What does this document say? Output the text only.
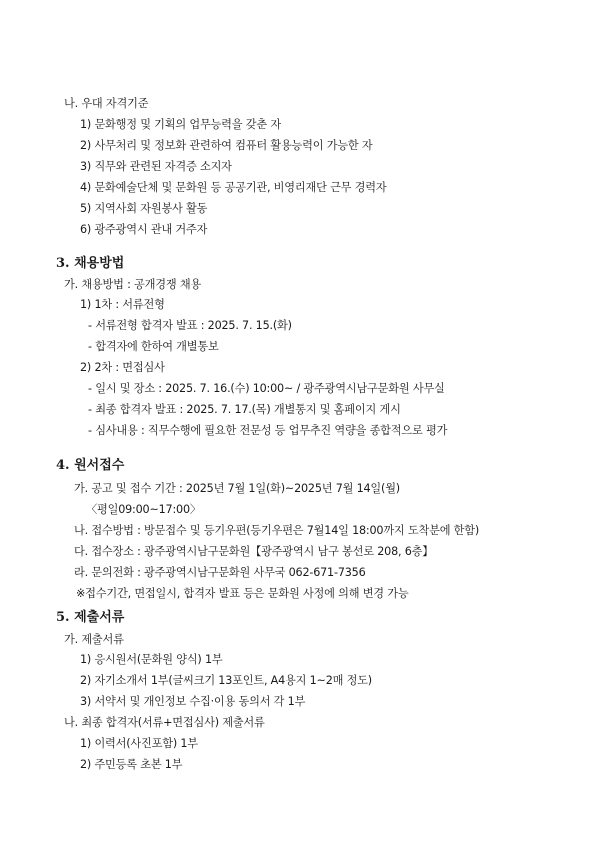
나. 우대 자격기준
1) 문화행정 및 기획의 업무능력을 갖춘 자
2) 사무처리 및 정보화 관련하여 컴퓨터 활용능력이 가능한 자
3) 직무와 관련된 자격증 소지자
4) 문화예술단체 및 문화원 등 공공기관, 비영리재단 근무 경력자
5) 지역사회 자원봉사 활동
6) 광주광역시 관내 거주자
3. 채용방법
가. 채용방법 : 공개경쟁 채용
1) 1차 : 서류전형
- 서류전형 합격자 발표 : 2025. 7. 15.(화)
- 합격자에 한하여 개별통보
2) 2차 : 면접심사
- 일시 및 장소 : 2025. 7. 16.(수) 10:00~ / 광주광역시남구문화원 사무실
- 최종 합격자 발표 : 2025. 7. 17.(목) 개별통지 및 홈페이지 게시
- 심사내용 : 직무수행에 필요한 전문성 등 업무추진 역량을 종합적으로 평가
4. 원서접수
가. 공고 및 접수 기간 : 2025년 7월 1일(화)~2025년 7월 14일(월)
〈평일09:00~17:00〉
나. 접수방법 : 방문접수 및 등기우편(등기우편은 7월14일 18:00까지 도착분에 한함)
다. 접수장소 : 광주광역시남구문화원【광주광역시 남구 봉선로 208, 6층】
라. 문의전화 : 광주광역시남구문화원 사무국 062-671-7356
※접수기간, 면접일시, 합격자 발표 등은 문화원 사정에 의해 변경 가능
5. 제출서류
가. 제출서류
1) 응시원서(문화원 양식) 1부
2) 자기소개서 1부(글씨크기 13포인트, A4용지 1~2매 정도)
3) 서약서 및 개인정보 수집·이용 동의서 각 1부
나. 최종 합격자(서류+면접심사) 제출서류
1) 이력서(사진포함) 1부
2) 주민등록 초본 1부
